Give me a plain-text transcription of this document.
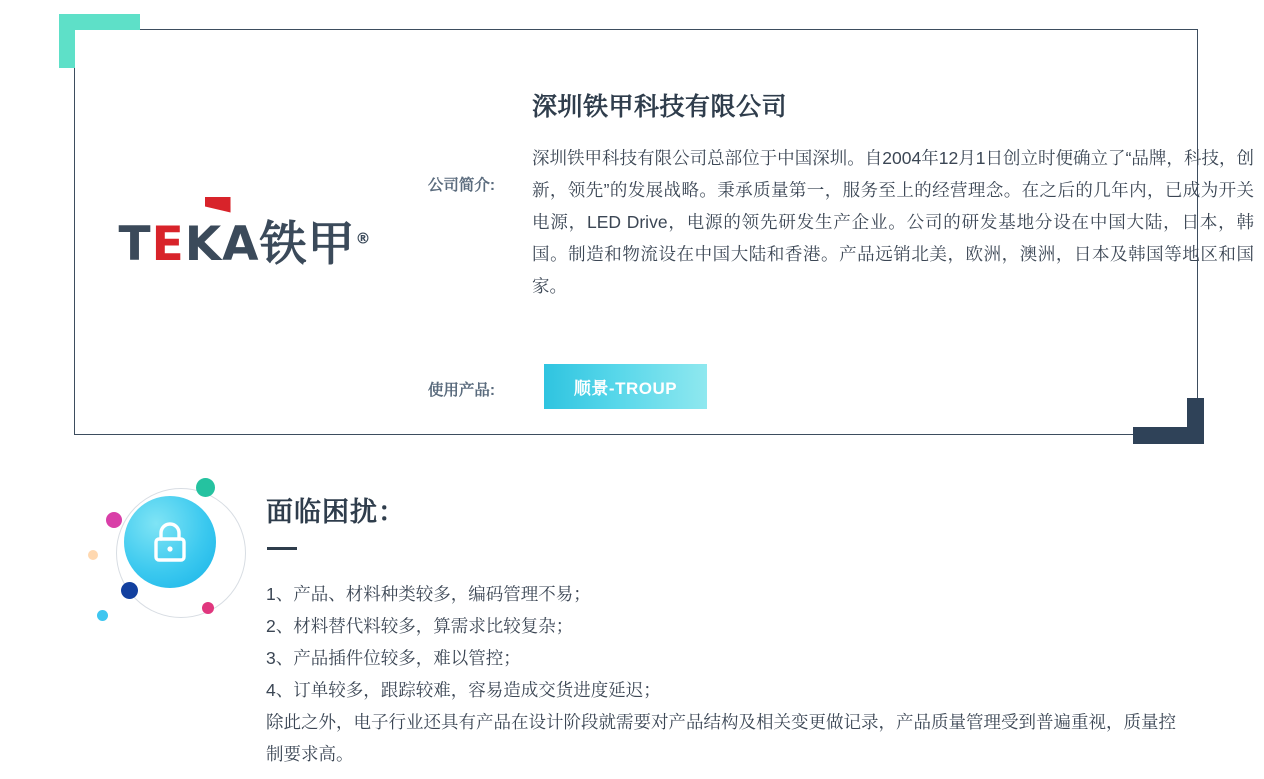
TEKA铁甲®
公司简介:
使用产品:
深圳铁甲科技有限公司
深圳铁甲科技有限公司总部位于中国深圳。自2004年12月1日创立时便确立了“品牌，科技，创新，领先”的发展战略。秉承质量第一，服务至上的经营理念。在之后的几年内，已成为开关电源，LED Drive，电源的领先研发生产企业。公司的研发基地分设在中国大陆，日本，韩国。制造和物流设在中国大陆和香港。产品远销北美，欧洲，澳洲，日本及韩国等地区和国家。
顺景-TROUP
面临困扰：
1、产品、材料种类较多，编码管理不易；
2、材料替代料较多，算需求比较复杂；
3、产品插件位较多，难以管控；
4、订单较多，跟踪较难，容易造成交货进度延迟；
除此之外，电子行业还具有产品在设计阶段就需要对产品结构及相关变更做记录，产品质量管理受到普遍重视，质量控制要求高。
